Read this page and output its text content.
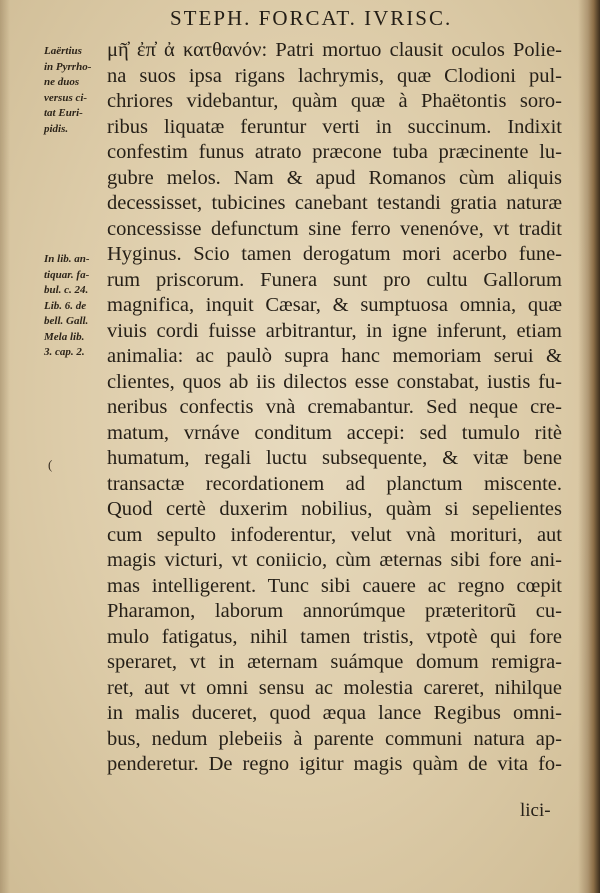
STEPH. FORCAT. IVRISC.
Laërtius
in Pyrrho-
ne duos
versus ci-
tat Euri-
pidis.
In lib. an-
tiquar. fa-
bul. c. 24.
Lib. 6. de
bell. Gall.
Mela lib.
3. cap. 2.
(
μῆ̓ ἐπ̓ ἀ κατθανόν: Patri mortuo clausit oculos Polie-
na suos ipsa rigans lachrymis, quæ Clodioni pul-
chriores videbantur, quàm quæ à Phaëtontis soro-
ribus liquatæ feruntur verti in succinum. Indixit
confestim funus atrato præcone tuba præcinente lu-
gubre melos. Nam & apud Romanos cùm aliquis
decessisset, tubicines canebant testandi gratia naturæ
concessisse defunctum sine ferro venenóve, vt tradit
Hyginus. Scio tamen derogatum mori acerbo fune-
rum priscorum. Funera sunt pro cultu Gallorum
magnifica, inquit Cæsar, & sumptuosa omnia, quæ
viuis cordi fuisse arbitrantur, in igne inferunt, etiam
animalia: ac paulò supra hanc memoriam serui &
clientes, quos ab iis dilectos esse constabat, iustis fu-
neribus confectis vnà cremabantur. Sed neque cre-
matum, vrnáve conditum accepi: sed tumulo ritè
humatum, regali luctu subsequente, & vitæ bene
transactæ recordationem ad planctum miscente.
Quod certè duxerim nobilius, quàm si sepelientes
cum sepulto infoderentur, velut vnà morituri, aut
magis victuri, vt coniicio, cùm æternas sibi fore ani-
mas intelligerent. Tunc sibi cauere ac regno cœpit
Pharamon, laborum annorúmque præteritorũ cu-
mulo fatigatus, nihil tamen tristis, vtpotè qui fore
speraret, vt in æternam suámque domum remigra-
ret, aut vt omni sensu ac molestia careret, nihilque
in malis duceret, quod æqua lance Regibus omni-
bus, nedum plebeiis à parente communi natura ap-
penderetur. De regno igitur magis quàm de vita fo-

lici-
